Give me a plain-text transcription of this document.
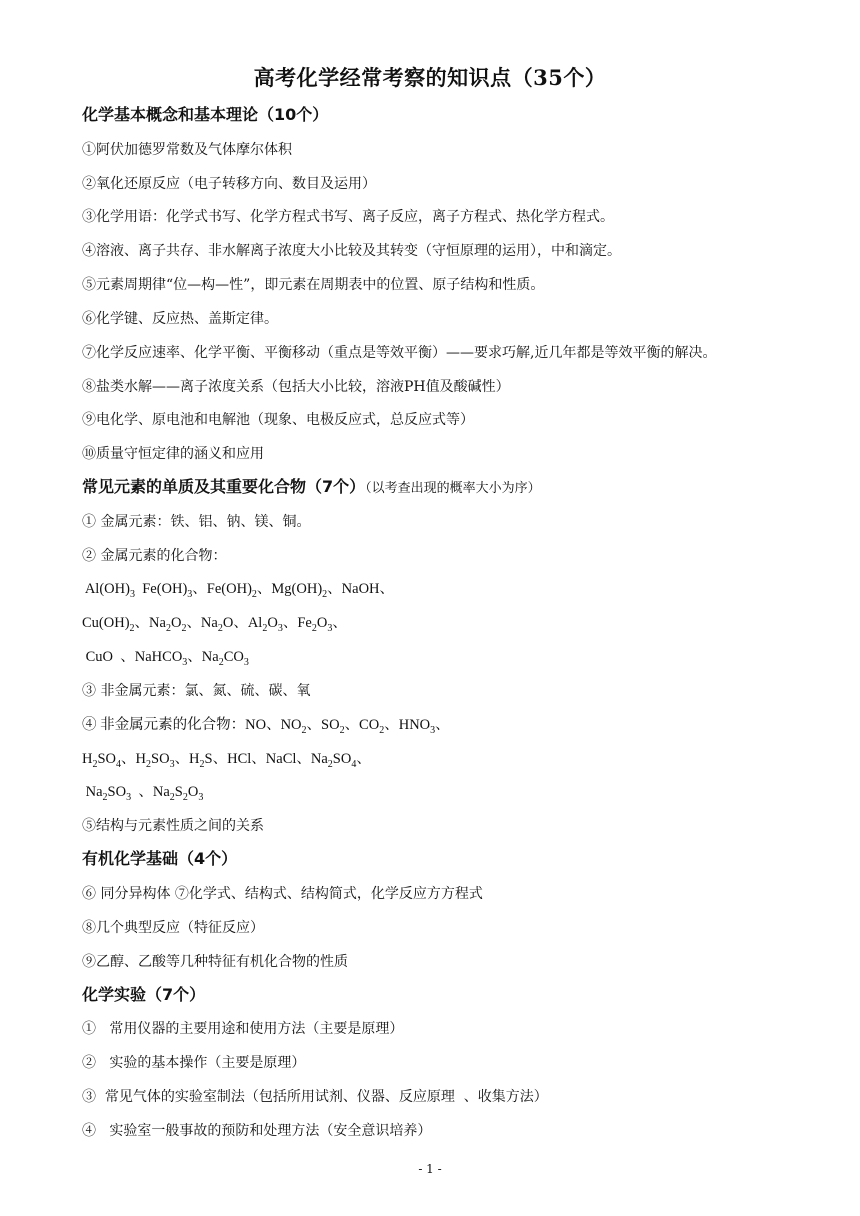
高考化学经常考察的知识点（35个）
化学基本概念和基本理论（10个）
①阿伏加德罗常数及气体摩尔体积
②氧化还原反应（电子转移方向、数目及运用）
③化学用语：化学式书写、化学方程式书写、离子反应，离子方程式、热化学方程式。
④溶液、离子共存、非水解离子浓度大小比较及其转变（守恒原理的运用），中和滴定。
⑤元素周期律“位—构—性”，即元素在周期表中的位置、原子结构和性质。
⑥化学键、反应热、盖斯定律。
⑦化学反应速率、化学平衡、平衡移动（重点是等效平衡）——要求巧解,近几年都是等效平衡的解决。
⑧盐类水解——离子浓度关系（包括大小比较，溶液PH值及酸碱性）
⑨电化学、原电池和电解池（现象、电极反应式，总反应式等）
⑩质量守恒定律的涵义和应用
常见元素的单质及其重要化合物（7个）（以考查出现的概率大小为序）
① 金属元素：铁、铝、钠、镁、铜。
② 金属元素的化合物：
$Al(OH)_3$  $Fe(OH)_3$、$Fe(OH)_2$、$Mg(OH)_2$、NaOH、
$Cu(OH)_2$、$Na_2O_2$、$Na_2O$、$Al_2O_3$、$Fe_2O_3$、
CuO  、NaHCO$_3$、$Na_2CO_3$
③ 非金属元素：氯、氮、硫、碳、氧
④ 非金属元素的化合物：NO、$NO_2$、$SO_2$、$CO_2$、$HNO_3$、
$H_2SO_4$、$H_2SO_3$、$H_2S$、HCl、NaCl、$Na_2SO_4$、
$Na_2SO_3$  、$Na_2S_2O_3$
⑤结构与元素性质之间的关系
有机化学基础（4个）
⑥ 同分异构体 ⑦化学式、结构式、结构简式，化学反应方方程式
⑧几个典型反应（特征反应）
⑨乙醇、乙酸等几种特征有机化合物的性质
化学实验（7个）
①   常用仪器的主要用途和使用方法（主要是原理）
②   实验的基本操作（主要是原理）
③  常见气体的实验室制法（包括所用试剂、仪器、反应原理  、收集方法）
④   实验室一般事故的预防和处理方法（安全意识培养）
- 1 -
